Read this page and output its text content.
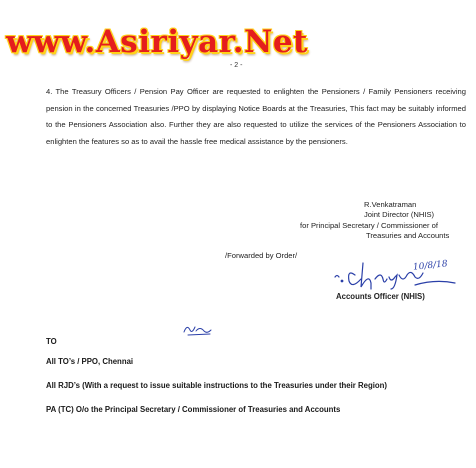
www.Asiriyar.Net
- 2 -

4. The Treasury Officers / Pension Pay Officer are requested to enlighten the Pensioners / Family Pensioners receiving pension in the concerned Treasuries /PPO by displaying Notice Boards at the Treasuries, This fact may be suitably informed to the Pensioners Association also. Further they are also requested to utilize the services of the Pensioners Association to enlighten the features so as to avail the hassle free medical assistance by the pensioners.

R.Venkatraman
Joint Director (NHIS)
for Principal Secretary / Commissioner of
Treasuries and Accounts
/Forwarded by Order/
10/8/18
Accounts Officer (NHIS)
TO
All TO’s / PPO, Chennai
All RJD’s (With a request to issue suitable instructions to the Treasuries under their Region)
PA (TC) O/o the Principal Secretary / Commissioner of Treasuries and Accounts
